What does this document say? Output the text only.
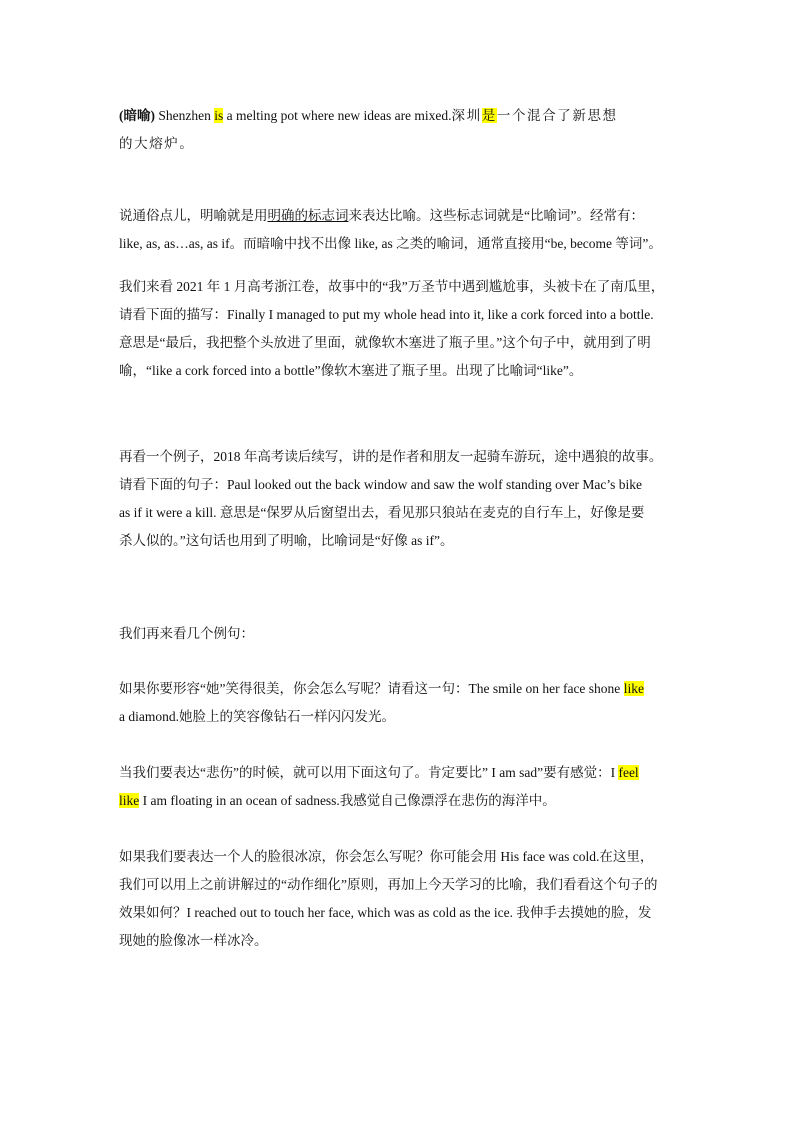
(暗喻) Shenzhen is a melting pot where new ideas are mixed.深圳是一个混合了新思想
的大熔炉。
说通俗点儿，明喻就是用明确的标志词来表达比喻。这些标志词就是“比喻词”。经常有：
like, as, as…as, as if。而暗喻中找不出像 like, as 之类的喻词，通常直接用“be, become 等词”。
我们来看 2021 年 1 月高考浙江卷，故事中的“我”万圣节中遇到尴尬事，头被卡在了南瓜里，
请看下面的描写：Finally I managed to put my whole head into it, like a cork forced into a bottle.
意思是“最后，我把整个头放进了里面，就像软木塞进了瓶子里。”这个句子中，就用到了明
喻，“like a cork forced into a bottle”像软木塞进了瓶子里。出现了比喻词“like”。
再看一个例子，2018 年高考读后续写，讲的是作者和朋友一起骑车游玩，途中遇狼的故事。
请看下面的句子：Paul looked out the back window and saw the wolf standing over Mac’s bike
as if it were a kill. 意思是“保罗从后窗望出去，看见那只狼站在麦克的自行车上，好像是要
杀人似的。”这句话也用到了明喻，比喻词是“好像 as if”。
我们再来看几个例句：
如果你要形容“她”笑得很美，你会怎么写呢？请看这一句：The smile on her face shone like
a diamond.她脸上的笑容像钻石一样闪闪发光。
当我们要表达“悲伤”的时候，就可以用下面这句了。肯定要比” I am sad”要有感觉：I feel
like I am floating in an ocean of sadness.我感觉自己像漂浮在悲伤的海洋中。
如果我们要表达一个人的脸很冰凉，你会怎么写呢？你可能会用 His face was cold.在这里，
我们可以用上之前讲解过的“动作细化”原则，再加上今天学习的比喻，我们看看这个句子的
效果如何？I reached out to touch her face, which was as cold as the ice. 我伸手去摸她的脸，发
现她的脸像冰一样冰冷。
